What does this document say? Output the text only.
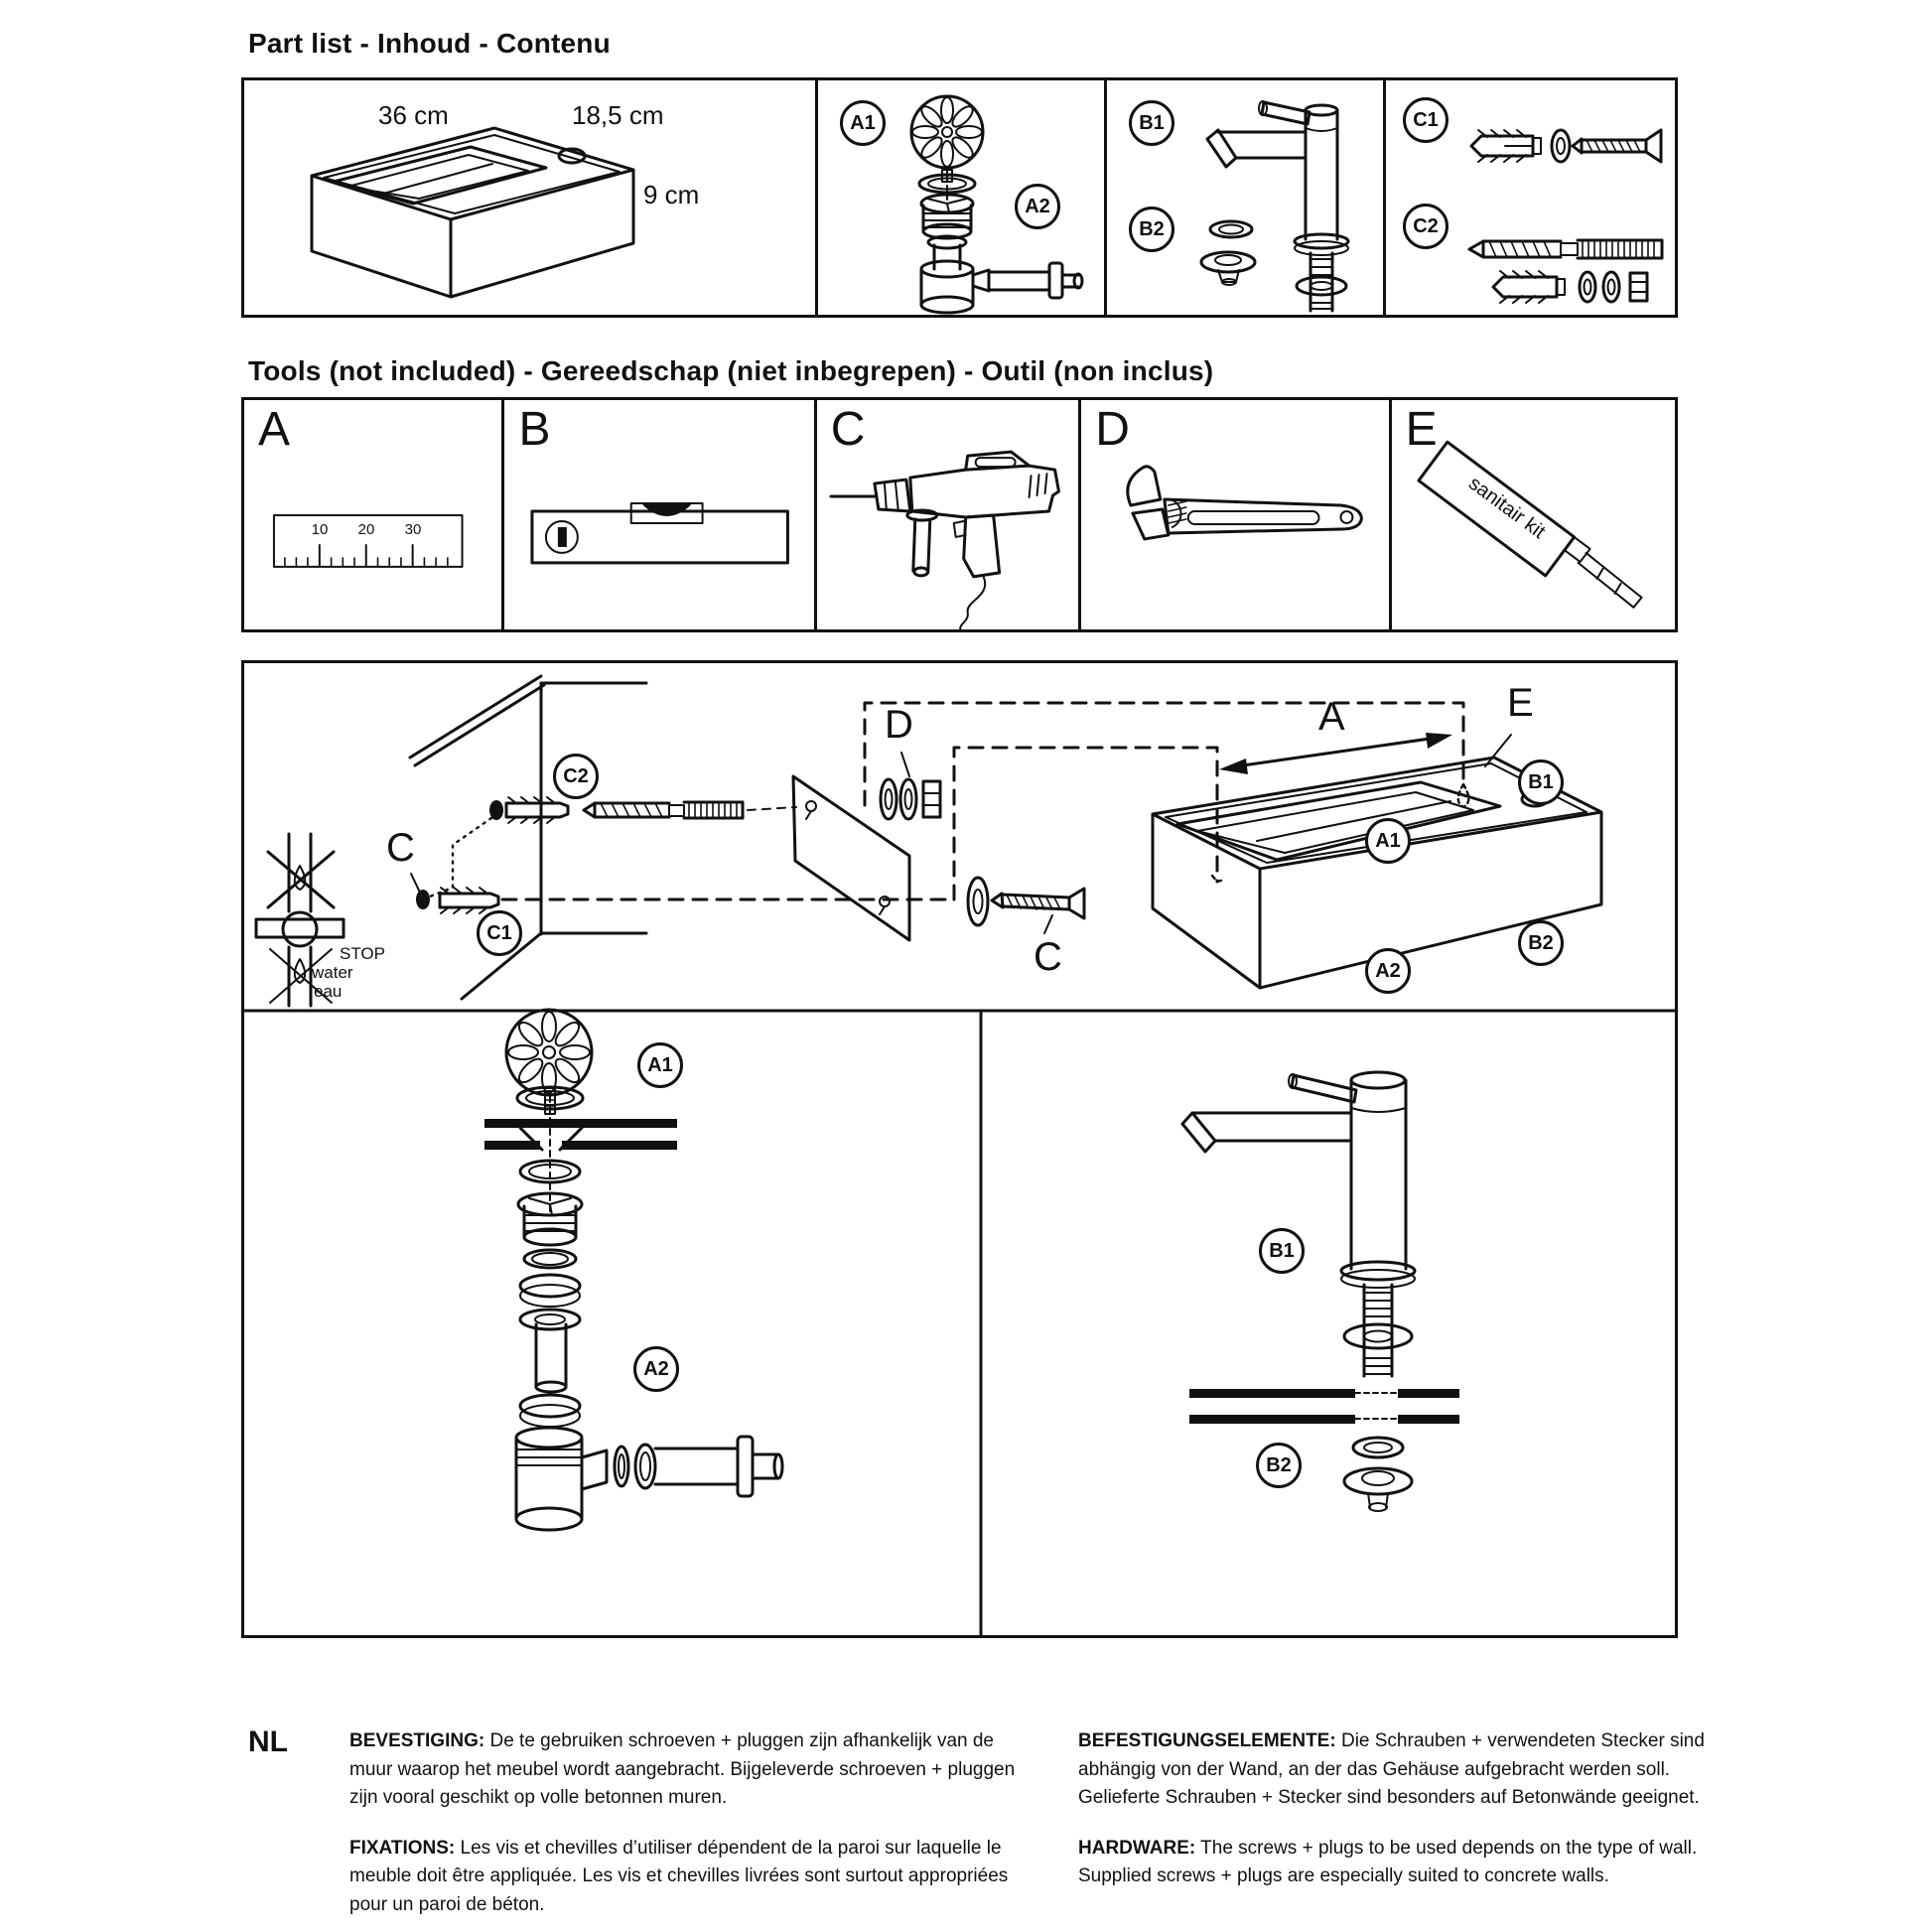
Part list - Inhoud - Contenu
36 cm	18,5 cm
9 cm
A1
A2
B1
B2
C1
C2
Tools (not included) - Gereedschap (niet inbegrepen) - Outil (non inclus)
A
10	20	30
B	C	D	E
sanitair kit
STOP
water
eau
C2
C1
C
D
C
A	E
B1
A1
A2
B2
A1
A2
B1
B2
NL	BEVESTIGING: De te gebruiken schroeven + pluggen zijn afhankelijk van de muur waarop het meubel wordt aangebracht. Bijgeleverde schroeven + pluggen zijn vooral geschikt op volle betonnen muren.

FIXATIONS: Les vis et chevilles d’utiliser dépendent de la paroi sur laquelle le meuble doit être appliquée. Les vis et chevilles livrées sont surtout appropriées pour un paroi de béton.

BEFESTIGUNGSELEMENTE: Die Schrauben + verwendeten Stecker sind abhängig von der Wand, an der das Gehäuse aufgebracht werden soll. Gelieferte Schrauben + Stecker sind besonders auf Betonwände geeignet.

HARDWARE: The screws + plugs to be used depends on the type of wall. Supplied screws + plugs are especially suited to concrete walls.
